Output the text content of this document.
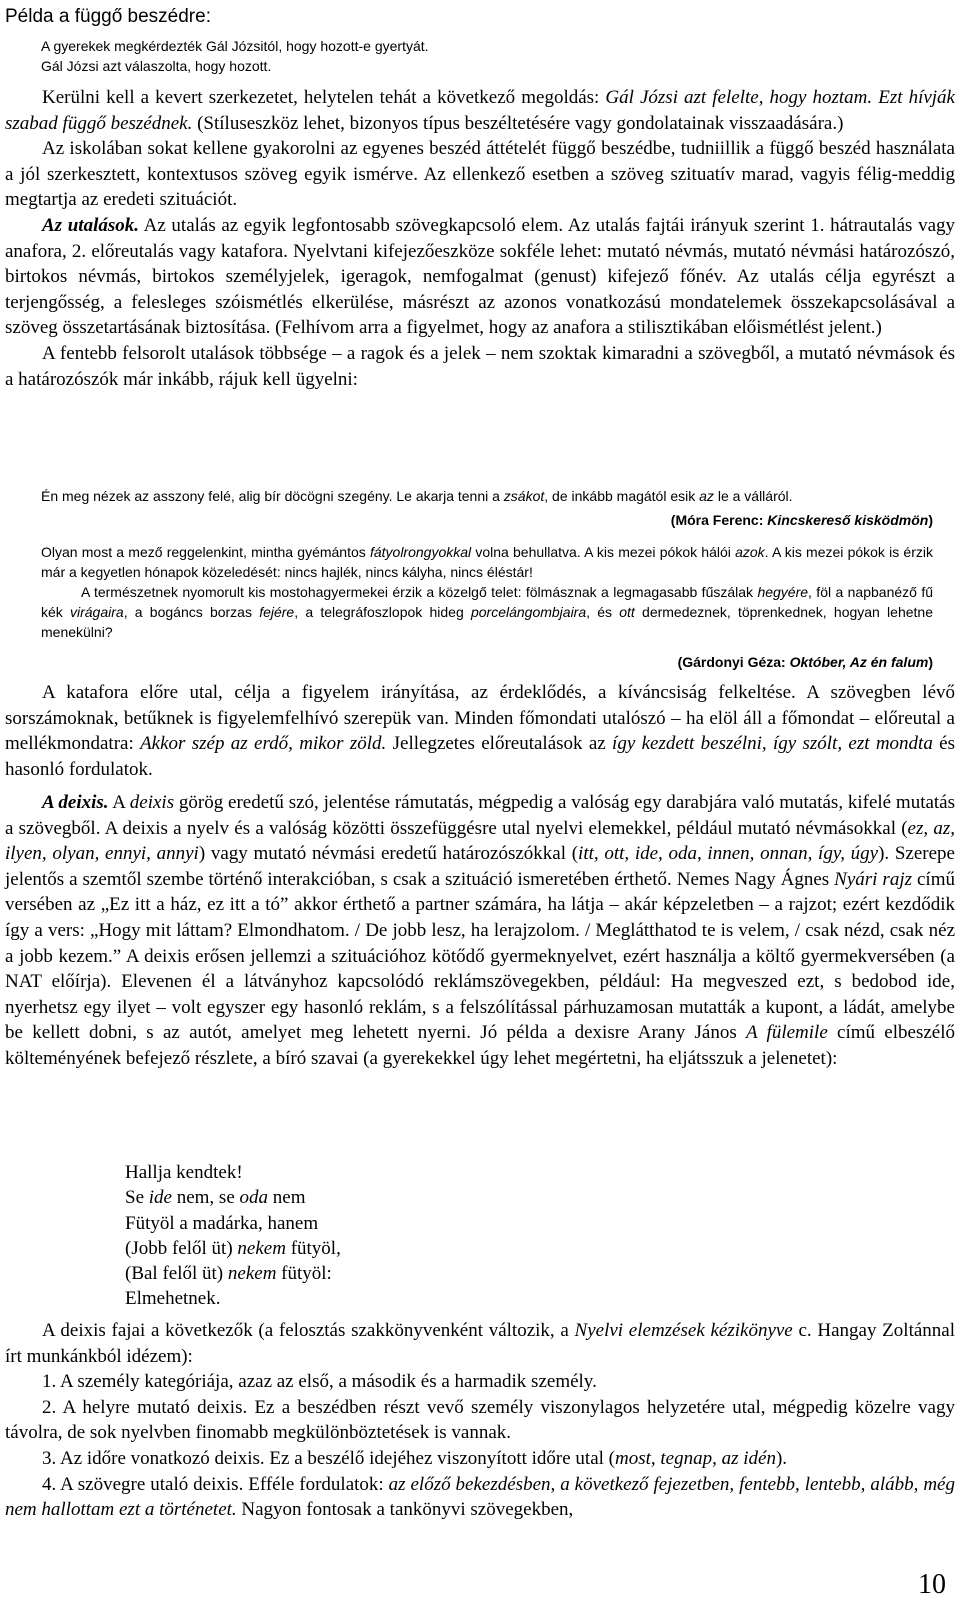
Példa a függő beszédre:
A gyerekek megkérdezték Gál Józsitól, hogy hozott-e gyertyát.
Gál Józsi azt válaszolta, hogy hozott.

Kerülni kell a kevert szerkezetet, helytelen tehát a következő megoldás: Gál Józsi azt felelte, hogy hoztam. Ezt hívják szabad függő beszédnek. (Stíluseszköz lehet, bizonyos típus beszéltetésére vagy gondolatainak visszaadására.)

Az iskolában sokat kellene gyakorolni az egyenes beszéd áttételét függő beszédbe, tudniillik a függő beszéd használata a jól szerkesztett, kontextusos szöveg egyik ismérve. Az ellenkező esetben a szöveg szituatív marad, vagyis félig-meddig megtartja az eredeti szituációt.

Az utalások. Az utalás az egyik legfontosabb szövegkapcsoló elem. Az utalás fajtái irányuk szerint 1. hátrautalás vagy anafora, 2. előreutalás vagy katafora. Nyelvtani kifejezőeszköze sokféle lehet: mutató névmás, mutató névmási határozószó, birtokos névmás, birtokos személyjelek, igeragok, nemfogalmat (genust) kifejező főnév. Az utalás célja egyrészt a terjengősség, a felesleges szóismétlés elkerülése, másrészt az azonos vonatkozású mondatelemek összekapcsolásával a szöveg összetartásának biztosítása. (Felhívom arra a figyelmet, hogy az anafora a stilisztikában előismétlést jelent.)

A fentebb felsorolt utalások többsége – a ragok és a jelek – nem szoktak kimaradni a szövegből, a mutató névmások és a határozószók már inkább, rájuk kell ügyelni:

Én meg nézek az asszony felé, alig bír döcögni szegény. Le akarja tenni a zsákot, de inkább magától esik az le a válláról.

(Móra Ferenc: Kincskereső kisködmön)

Olyan most a mező reggelenkint, mintha gyémántos fátyolrongyokkal volna behullatva. A kis mezei pókok hálói azok. A kis mezei pókok is érzik már a kegyetlen hónapok közeledését: nincs hajlék, nincs kályha, nincs éléstár!

A természetnek nyomorult kis mostohagyermekei érzik a közelgő telet: fölmásznak a legmagasabb fűszálak hegyére, föl a napbanéző fű kék virágaira, a bogáncs borzas fejére, a telegráfoszlopok hideg porcelángombjaira, és ott dermedeznek, töprenkednek, hogyan lehetne menekülni?

(Gárdonyi Géza: Október, Az én falum)

A katafora előre utal, célja a figyelem irányítása, az érdeklődés, a kíváncsiság felkeltése. A szövegben lévő sorszámoknak, betűknek is figyelemfelhívó szerepük van. Minden főmondati utalószó – ha elöl áll a főmondat – előreutal a mellékmondatra: Akkor szép az erdő, mikor zöld. Jellegzetes előreutalások az így kezdett beszélni, így szólt, ezt mondta és hasonló fordulatok.

A deixis. A deixis görög eredetű szó, jelentése rámutatás, mégpedig a valóság egy darabjára való mutatás, kifelé mutatás a szövegből. A deixis a nyelv és a valóság közötti összefüggésre utal nyelvi elemekkel, például mutató névmásokkal (ez, az, ilyen, olyan, ennyi, annyi) vagy mutató névmási eredetű határozószókkal (itt, ott, ide, oda, innen, onnan, így, úgy). Szerepe jelentős a szemtől szembe történő interakcióban, s csak a szituáció ismeretében érthető. Nemes Nagy Ágnes Nyári rajz című versében az „Ez itt a ház, ez itt a tó” akkor érthető a partner számára, ha látja – akár képzeletben – a rajzot; ezért kezdődik így a vers: „Hogy mit láttam? Elmondhatom. / De jobb lesz, ha lerajzolom. / Meglátthatod te is velem, / csak nézd, csak néz a jobb kezem.” A deixis erősen jellemzi a szituációhoz kötődő gyermeknyelvet, ezért használja a költő gyermekversében (a NAT előírja). Elevenen él a látványhoz kapcsolódó reklámszövegekben, például: Ha megveszed ezt, s bedobod ide, nyerhetsz egy ilyet – volt egyszer egy hasonló reklám, s a felszólítással párhuzamosan mutatták a kupont, a ládát, amelybe be kellett dobni, s az autót, amelyet meg lehetett nyerni. Jó példa a dexisre Arany János A fülemile című elbeszélő költeményének befejező részlete, a bíró szavai (a gyerekekkel úgy lehet megértetni, ha eljátsszuk a jelenetet):

Hallja kendtek!

Se ide nem, se oda nem

Fütyöl a madárka, hanem

(Jobb felől üt) nekem fütyöl,

(Bal felől üt) nekem fütyöl:

Elmehetnek.

A deixis fajai a következők (a felosztás szakkönyvenként változik, a Nyelvi elemzések kézikönyve c. Hangay Zoltánnal írt munkánkból idézem):

1. A személy kategóriája, azaz az első, a második és a harmadik személy.

2. A helyre mutató deixis. Ez a beszédben részt vevő személy viszonylagos helyzetére utal, mégpedig közelre vagy távolra, de sok nyelvben finomabb megkülönböztetések is vannak.

3. Az időre vonatkozó deixis. Ez a beszélő idejéhez viszonyított időre utal (most, tegnap, az idén).

4. A szövegre utaló deixis. Efféle fordulatok: az előző bekezdésben, a következő fejezetben, fentebb, lentebb, alább, még nem hallottam ezt a történetet. Nagyon fontosak a tankönyvi szövegekben,

10
